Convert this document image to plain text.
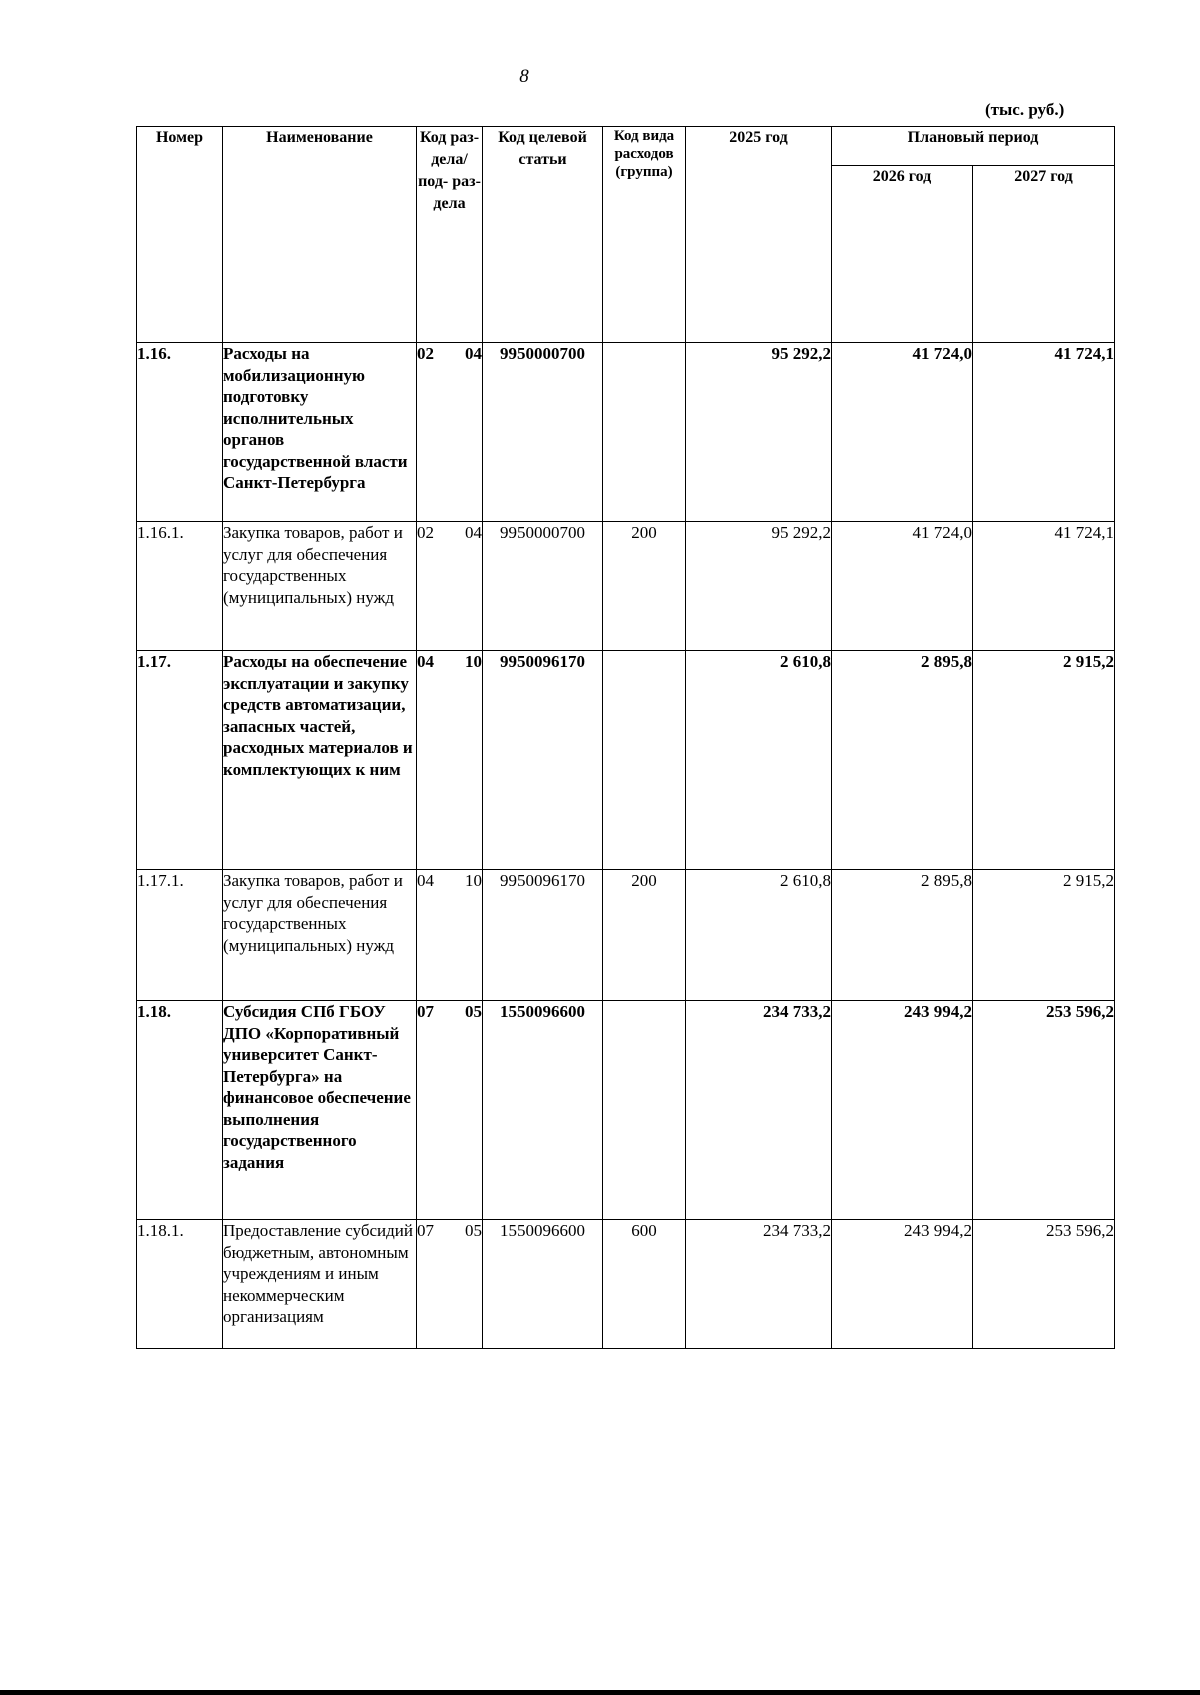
8
(тыс. руб.)
Номер	Наименование	Код раз- дела/ под- раз- дела	Код целевой статьи	Код вида расходов (группа)	2025 год	Плановый период	
						2026 год	2027 год
1.16.	Расходы на мобилизационную подготовку исполнительных органов государственной власти Санкт-Петербурга	02 04	9950000700		95 292,2	41 724,0	41 724,1
1.16.1.	Закупка товаров, работ и услуг для обеспечения государственных (муниципальных) нужд	02 04	9950000700	200	95 292,2	41 724,0	41 724,1
1.17.	Расходы на обеспечение эксплуатации и закупку средств автоматизации, запасных частей, расходных материалов и комплектующих к ним	04 10	9950096170		2 610,8	2 895,8	2 915,2
1.17.1.	Закупка товаров, работ и услуг для обеспечения государственных (муниципальных) нужд	04 10	9950096170	200	2 610,8	2 895,8	2 915,2
1.18.	Субсидия СПб ГБОУ ДПО «Корпоративный университет Санкт-Петербурга» на финансовое обеспечение выполнения государственного задания	07 05	1550096600		234 733,2	243 994,2	253 596,2
1.18.1.	Предоставление субсидий бюджетным, автономным учреждениям и иным некоммерческим организациям	07 05	1550096600	600	234 733,2	243 994,2	253 596,2
